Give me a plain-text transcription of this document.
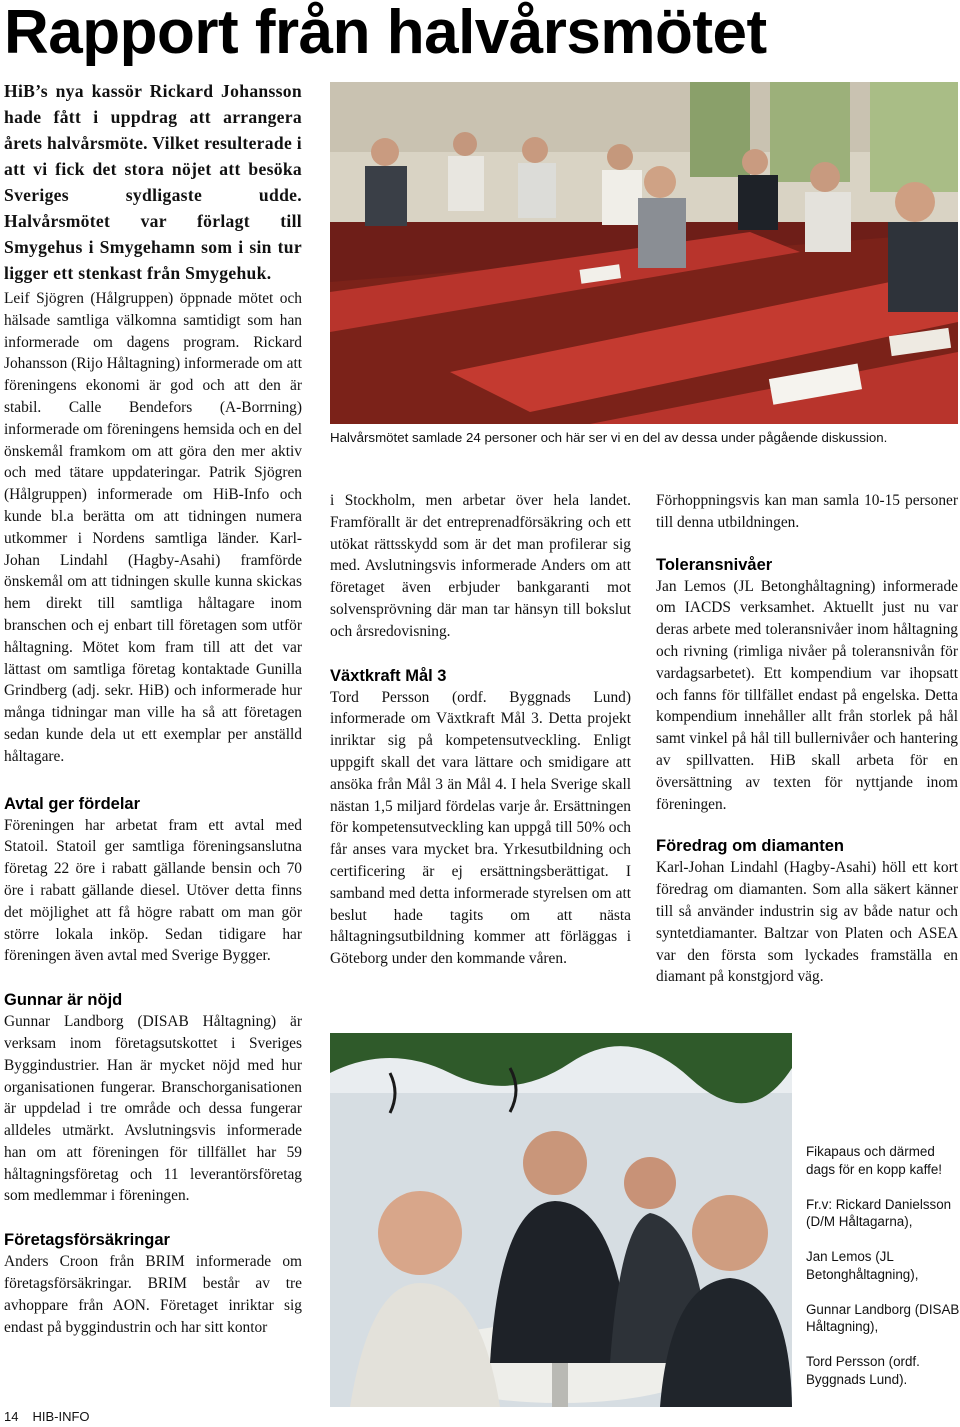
Rapport från halvårsmötet

HiB’s nya kassör Rickard Johansson hade fått i uppdrag att arrangera årets halvårsmöte. Vilket resulterade i att vi fick det stora nöjet att besöka Sveriges sydligaste udde. Halvårsmötet var förlagt till Smygehus i Smygehamn som i sin tur ligger ett stenkast från Smygehuk.

Leif Sjögren (Hålgruppen) öppnade mötet och hälsade samtliga välkomna samtidigt som han informerade om dagens program. Rickard Johansson (Rijo Håltagning) informerade om att föreningens ekonomi är god och att den är stabil. Calle Bendefors (A-Borrning) informerade om föreningens hemsida och en del önskemål framkom om att göra den mer aktiv och med tätare uppdateringar. Patrik Sjögren (Hålgruppen) informerade om HiB-Info och kunde bl.a berätta om att tidningen numera utkommer i Nordens samtliga länder. Karl-Johan Lindahl (Hagby-Asahi) framförde önskemål om att tidningen skulle kunna skickas hem direkt till samtliga håltagare inom branschen och ej enbart till företagen som utför håltagning. Mötet kom fram till att det var lättast om samtliga företag kontaktade Gunilla Grindberg (adj. sekr. HiB) och informerade hur många tidningar man ville ha så att företagen sedan kunde dela ut ett exemplar per anställd håltagare.

Avtal ger fördelar

Föreningen har arbetat fram ett avtal med Statoil. Statoil ger samtliga föreningsanslutna företag 22 öre i rabatt gällande bensin och 70 öre i rabatt gällande diesel. Utöver detta finns det möjlighet att få högre rabatt om man gör större lokala inköp. Sedan tidigare har föreningen även avtal med Sverige Bygger.

Gunnar är nöjd

Gunnar Landborg (DISAB Håltagning) är verksam inom företagsutskottet i Sveriges Byggindustrier. Han är mycket nöjd med hur organisationen fungerar. Branschorganisationen är uppdelad i tre område och dessa fungerar alldeles utmärkt. Avslutningsvis informerade han om att föreningen för tillfället har 59 håltagningsföretag och 11 leverantörsföretag som medlemmar i föreningen.

Företagsförsäkringar

Anders Croon från BRIM informerade om företagsförsäkringar. BRIM består av tre avhoppare från AON. Företaget inriktar sig endast på byggindustrin och har sitt kontor

Halvårsmötet samlade 24 personer och här ser vi en del av dessa under pågående diskussion.

i Stockholm, men arbetar över hela landet. Framförallt är det entreprenadförsäkring och ett utökat rättsskydd som är det man profilerar sig med. Avslutningsvis informerade Anders om att företaget även erbjuder bankgaranti mot solvensprövning där man tar hänsyn till bokslut och årsredovisning.

Växtkraft Mål 3

Tord Persson (ordf. Byggnads Lund) informerade om Växtkraft Mål 3. Detta projekt inriktar sig på kompetensutveckling. Enligt uppgift skall det vara lättare och smidigare att ansöka från Mål 3 än Mål 4. I hela Sverige skall nästan 1,5 miljard fördelas varje år. Ersättningen för kompetensutveckling kan uppgå till 50% och får anses vara mycket bra. Yrkesutbildning och certificering är ej ersättningsberättigat. I samband med detta informerade styrelsen om att beslut hade tagits om att nästa håltagningsutbildning kommer att förläggas i Göteborg under den kommande våren.

Förhoppningsvis kan man samla 10-15 personer till denna utbildningen.

Toleransnivåer

Jan Lemos (JL Betonghåltagning) informerade om IACDS verksamhet. Aktuellt just nu var deras arbete med toleransnivåer inom håltagning och rivning (rimliga nivåer på toleransnivån för vardagsarbetet). Ett kompendium var ihopsatt och fanns för tillfället endast på engelska. Detta kompendium innehåller allt från storlek på hål samt vinkel på hål till bullernivåer och hantering av spillvatten. HiB skall arbeta för en översättning av texten för nyttjande inom föreningen.

Föredrag om diamanten

Karl-Johan Lindahl (Hagby-Asahi) höll ett kort föredrag om diamanten. Som alla säkert känner till så använder industrin sig av både natur och syntetdiamanter. Baltzar von Platen och ASEA var den första som lyckades framställa en diamant på konstgjord väg.

Fikapaus och därmed dags för en kopp kaffe!
Fr.v: Rickard Danielsson (D/M Håltagarna),
Jan Lemos (JL Betonghåltagning),
Gunnar Landborg (DISAB Håltagning),
Tord Persson (ordf. Byggnads Lund).
14 HIB-INFO
